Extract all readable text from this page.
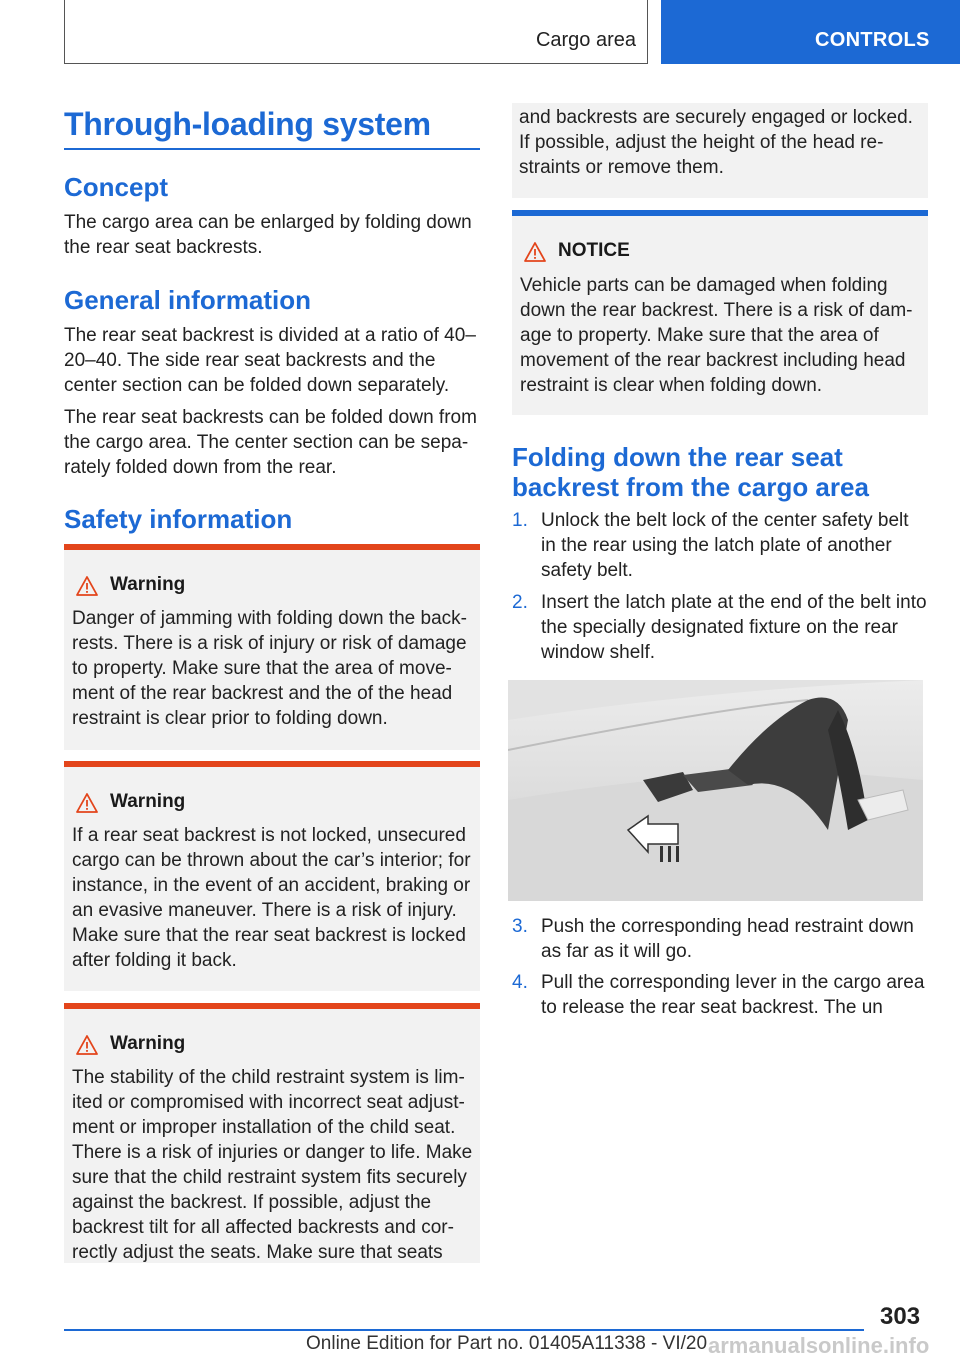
Cargo area	CONTROLS
Through-loading system
Concept

The cargo area can be enlarged by folding down the rear seat backrests.

General information

The rear seat backrest is divided at a ratio of 40–20–40. The side rear seat backrests and the center section can be folded down separately.

The rear seat backrests can be folded down from the cargo area. The center section can be separately folded down from the rear.

Safety information
Warning
Danger of jamming with folding down the backrests. There is a risk of injury or risk of damage to property. Make sure that the area of movement of the rear backrest and the of the head restraint is clear prior to folding down.
Warning
If a rear seat backrest is not locked, unsecured cargo can be thrown about the car’s interior; for instance, in the event of an accident, braking or an evasive maneuver. There is a risk of injury. Make sure that the rear seat backrest is locked after folding it back.
Warning
The stability of the child restraint system is limited or compromised with incorrect seat adjustment or improper installation of the child seat. There is a risk of injuries or danger to life. Make sure that the child restraint system fits securely against the backrest. If possible, adjust the backrest tilt for all affected backrests and correctly adjust the seats. Make sure that seats
and backrests are securely engaged or locked. If possible, adjust the height of the head restraints or remove them.
NOTICE
Vehicle parts can be damaged when folding down the rear backrest. There is a risk of damage to property. Make sure that the area of movement of the rear backrest including head restraint is clear when folding down.
Folding down the rear seat backrest from the cargo area
1. Unlock the belt lock of the center safety belt in the rear using the latch plate of another safety belt.
2. Insert the latch plate at the end of the belt into the specially designated fixture on the rear window shelf.
3. Push the corresponding head restraint down as far as it will go.
4. Pull the corresponding lever in the cargo area to release the rear seat backrest. The un
303
Online Edition for Part no. 01405A11338 - VI/20 armanualsonline.info
